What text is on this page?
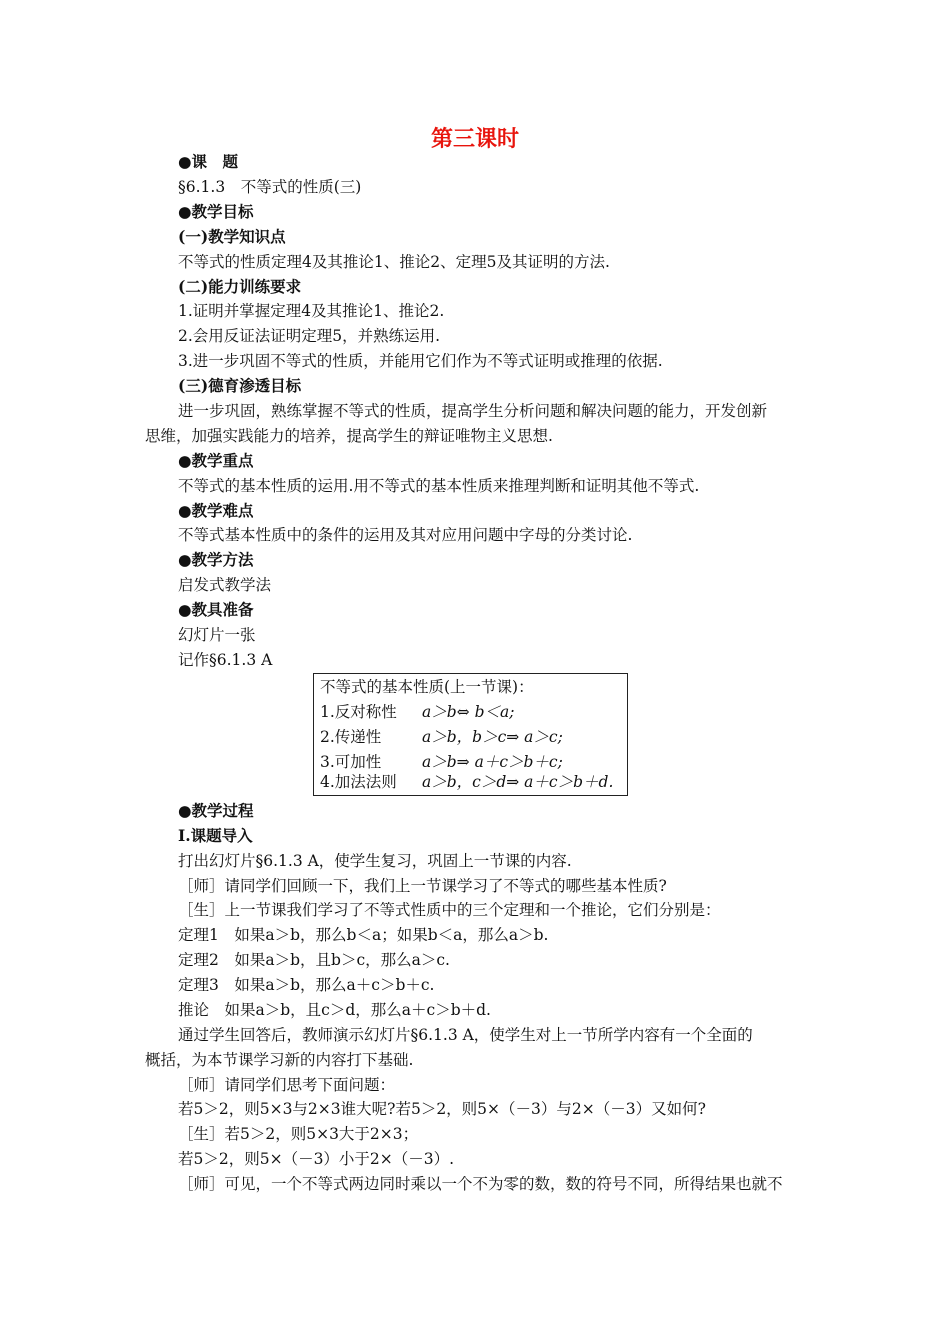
第三课时
●课　题
§6.1.3　不等式的性质(三)
●教学目标
(一)教学知识点
不等式的性质定理4及其推论1、推论2、定理5及其证明的方法.
(二)能力训练要求
1.证明并掌握定理4及其推论1、推论2.
2.会用反证法证明定理5，并熟练运用.
3.进一步巩固不等式的性质，并能用它们作为不等式证明或推理的依据.
(三)德育渗透目标
进一步巩固，熟练掌握不等式的性质，提高学生分析问题和解决问题的能力，开发创新
思维，加强实践能力的培养，提高学生的辩证唯物主义思想.
●教学重点
不等式的基本性质的运用.用不等式的基本性质来推理判断和证明其他不等式.
●教学难点
不等式基本性质中的条件的运用及其对应用问题中字母的分类讨论.
●教学方法
启发式教学法
●教具准备
幻灯片一张
记作§6.1.3 A
不等式的基本性质(上一节课)：
1.反对称性 a＞b⇔ b＜a;
2.传递性	a＞b，b＞c⇒ a＞c;
3.可加性	a＞b⇒ a＋c＞b＋c;
4.加法法则 a＞b，c＞d⇒ a＋c＞b＋d.
●教学过程
Ⅰ.课题导入
打出幻灯片§6.1.3 A，使学生复习，巩固上一节课的内容.
［师］请同学们回顾一下，我们上一节课学习了不等式的哪些基本性质?
［生］上一节课我们学习了不等式性质中的三个定理和一个推论，它们分别是：
定理1　如果a＞b，那么b＜a；如果b＜a，那么a＞b.
定理2　如果a＞b，且b＞c，那么a＞c.
定理3　如果a＞b，那么a＋c＞b＋c.
推论　如果a＞b，且c＞d，那么a＋c＞b＋d.
通过学生回答后，教师演示幻灯片§6.1.3 A，使学生对上一节所学内容有一个全面的
概括，为本节课学习新的内容打下基础.
［师］请同学们思考下面问题：
若5＞2，则5×3与2×3谁大呢?若5＞2，则5×（－3）与2×（－3）又如何?
［生］若5＞2，则5×3大于2×3；
若5＞2，则5×（－3）小于2×（－3）.
［师］可见，一个不等式两边同时乘以一个不为零的数，数的符号不同，所得结果也就不
